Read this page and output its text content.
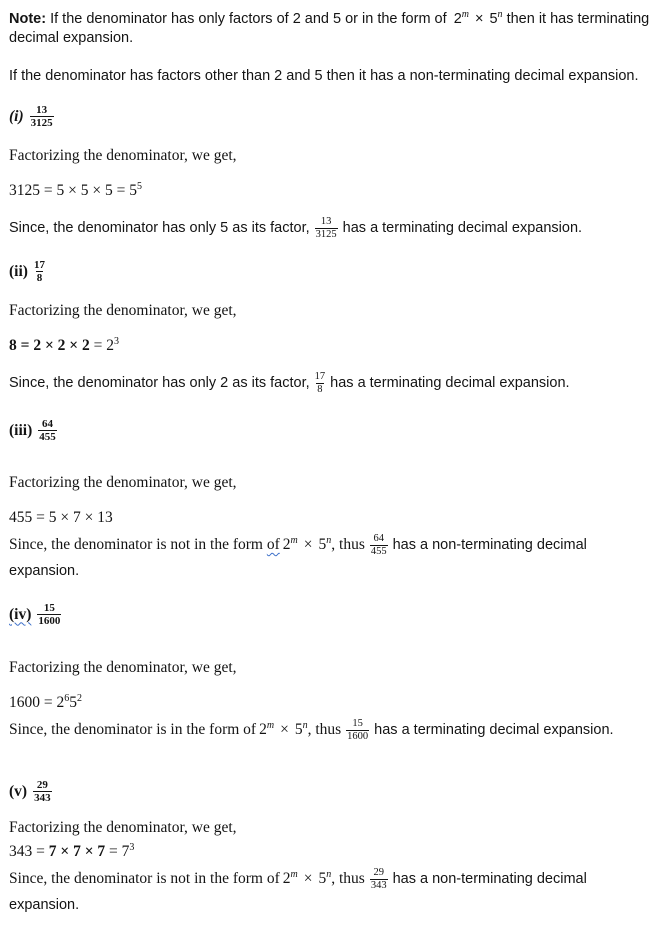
Note: If the denominator has only factors of 2 and 5 or in the form of $2^m \times 5^n$ then it has terminating decimal expansion.

If the denominator has factors other than 2 and 5 then it has a non-terminating decimal expansion.

$(i) \frac{13}{3125}$

Factorizing the denominator, we get,

$3125 = 5 \times 5 \times 5 = 5^5$

Since, the denominator has only 5 as its factor, $\frac{13}{3125}$ has a terminating decimal expansion.

$(ii) \frac{17}{8}$

Factorizing the denominator, we get,

$8 = 2 \times 2 \times 2 = 2^3$

Since, the denominator has only 2 as its factor, $\frac{17}{8}$ has a terminating decimal expansion.

$(iii) \frac{64}{455}$

Factorizing the denominator, we get,

455 = 5 × 7 × 13

Since, the denominator is not in the form of $2^m \times 5^n$, thus $\frac{64}{455}$ has a non-terminating decimal expansion.

$(iv) \frac{15}{1600}$

Factorizing the denominator, we get,

$1600 = 2^65^2$

Since, the denominator is in the form of $2^m \times 5^n$, thus $\frac{15}{1600}$ has a terminating decimal expansion.

$(v) \frac{29}{343}$

Factorizing the denominator, we get,

$343 = 7 \times 7 \times 7 = 7^3$

Since, the denominator is not in the form of $2^m \times 5^n$, thus $\frac{29}{343}$ has a non-terminating decimal expansion.
